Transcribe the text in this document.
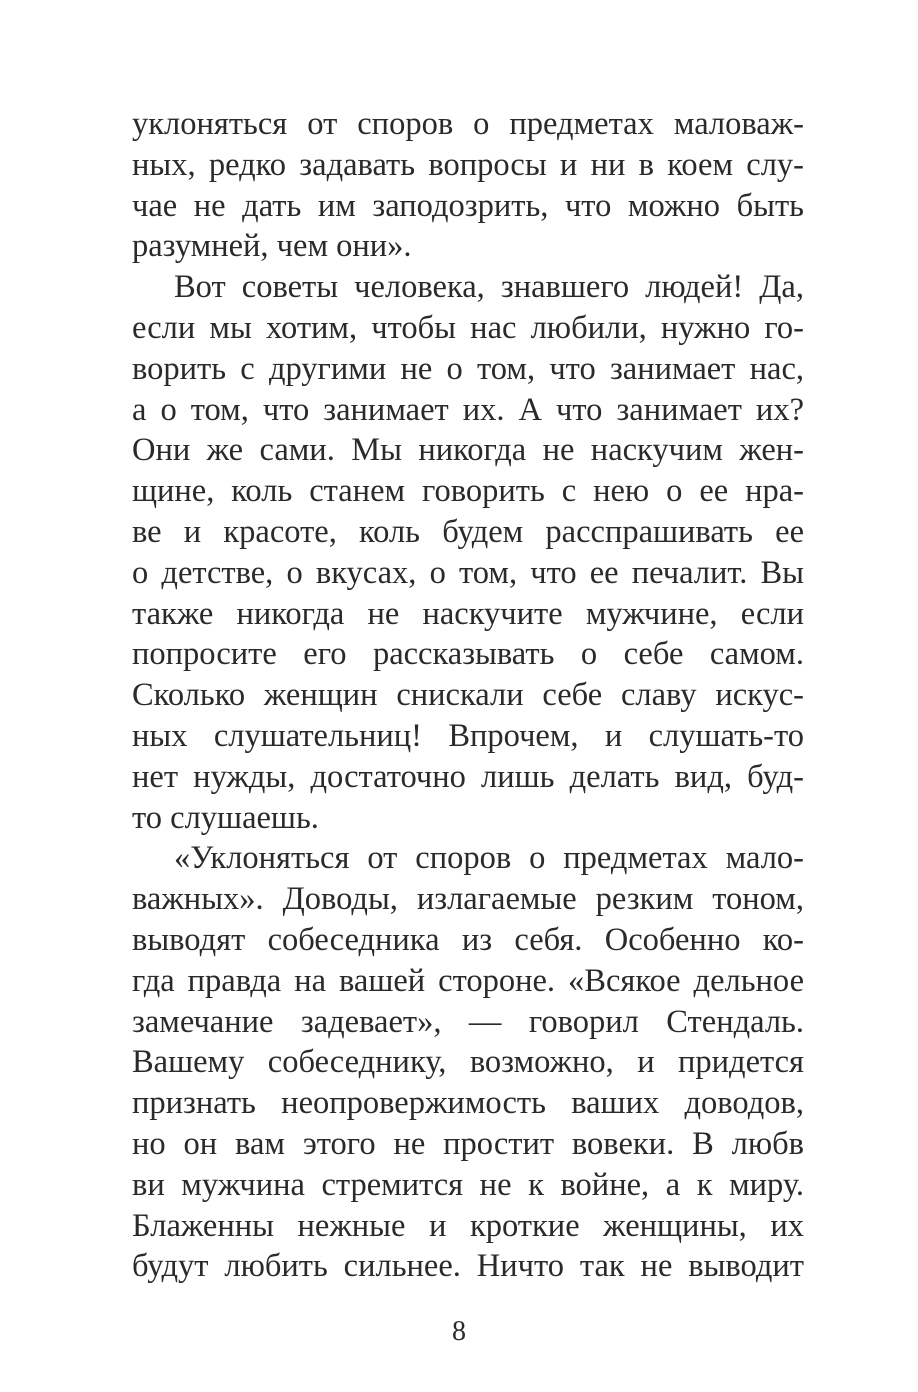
уклоняться от споров о предметах маловаж-
ных, редко задавать вопросы и ни в коем слу-
чае не дать им заподозрить, что можно быть
разумней, чем они».
Вот советы человека, знавшего людей! Да,
если мы хотим, чтобы нас любили, нужно го-
ворить с другими не о том, что занимает нас,
а о том, что занимает их. А что занимает их?
Они же сами. Мы никогда не наскучим жен-
щине, коль станем говорить с нею о ее нра-
ве и красоте, коль будем расспрашивать ее
о детстве, о вкусах, о том, что ее печалит. Вы
также никогда не наскучите мужчине, если
попросите его рассказывать о себе самом.
Сколько женщин снискали себе славу искус-
ных слушательниц! Впрочем, и слушать-то
нет нужды, достаточно лишь делать вид, буд-
то слушаешь.
«Уклоняться от споров о предметах мало-
важных». Доводы, излагаемые резким тоном,
выводят собеседника из себя. Особенно ко-
гда правда на вашей стороне. «Всякое дельное
замечание задевает», — говорил Стендаль.
Вашему собеседнику, возможно, и придется
признать неопровержимость ваших доводов,
но он вам этого не простит вовеки. В любв
ви мужчина стремится не к войне, а к миру.
Блаженны нежные и кроткие женщины, их
будут любить сильнее. Ничто так не выводит
8
